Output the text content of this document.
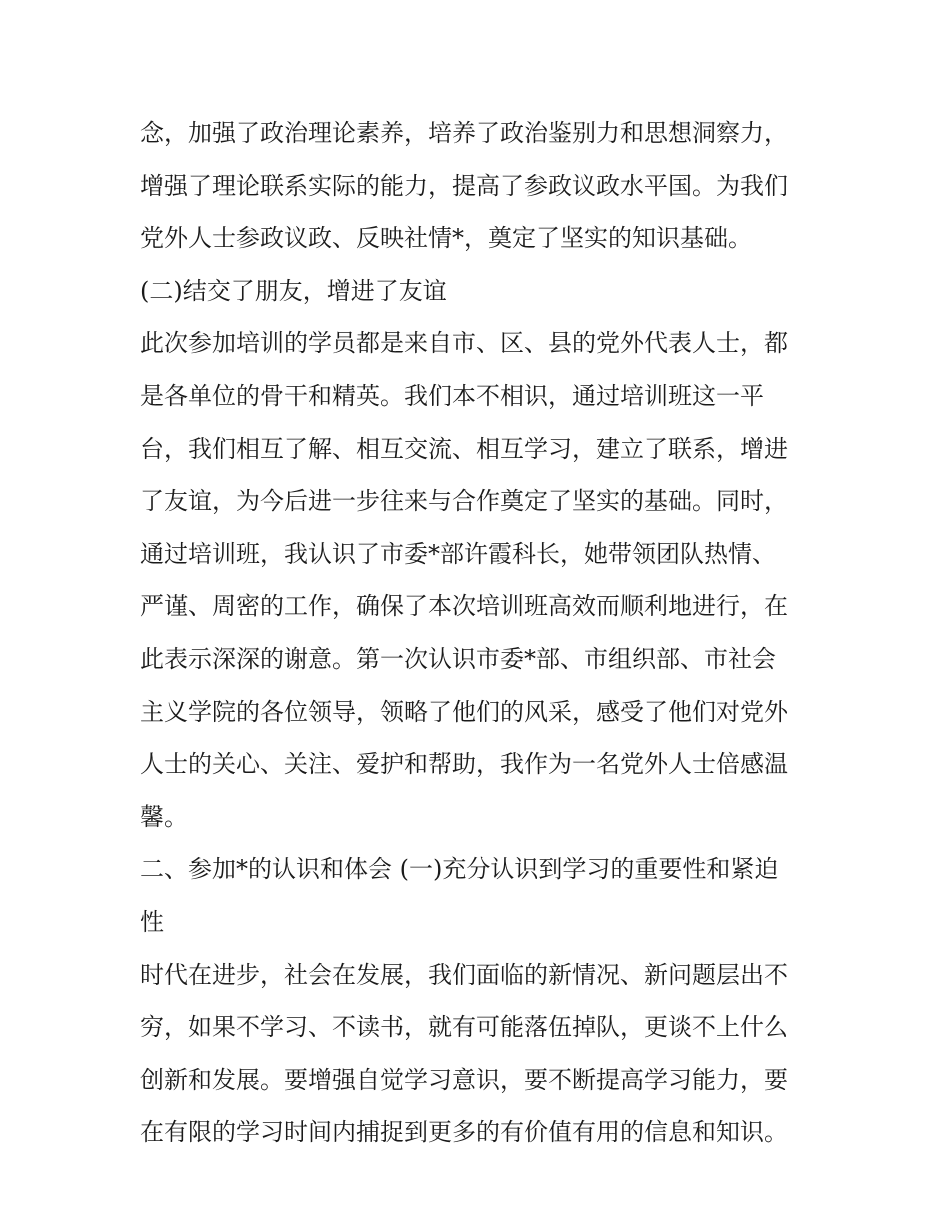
念，加强了政治理论素养，培养了政治鉴别力和思想洞察力，
增强了理论联系实际的能力，提高了参政议政水平国。为我们
党外人士参政议政、反映社情*，奠定了坚实的知识基础。
(二)结交了朋友，增进了友谊
此次参加培训的学员都是来自市、区、县的党外代表人士，都
是各单位的骨干和精英。我们本不相识，通过培训班这一平
台，我们相互了解、相互交流、相互学习，建立了联系，增进
了友谊，为今后进一步往来与合作奠定了坚实的基础。同时，
通过培训班，我认识了市委*部许霞科长，她带领团队热情、
严谨、周密的工作，确保了本次培训班高效而顺利地进行，在
此表示深深的谢意。第一次认识市委*部、市组织部、市社会
主义学院的各位领导，领略了他们的风采，感受了他们对党外
人士的关心、关注、爱护和帮助，我作为一名党外人士倍感温
馨。
二、参加*的认识和体会 (一)充分认识到学习的重要性和紧迫
性
时代在进步，社会在发展，我们面临的新情况、新问题层出不
穷，如果不学习、不读书，就有可能落伍掉队，更谈不上什么
创新和发展。要增强自觉学习意识，要不断提高学习能力，要
在有限的学习时间内捕捉到更多的有价值有用的信息和知识。
